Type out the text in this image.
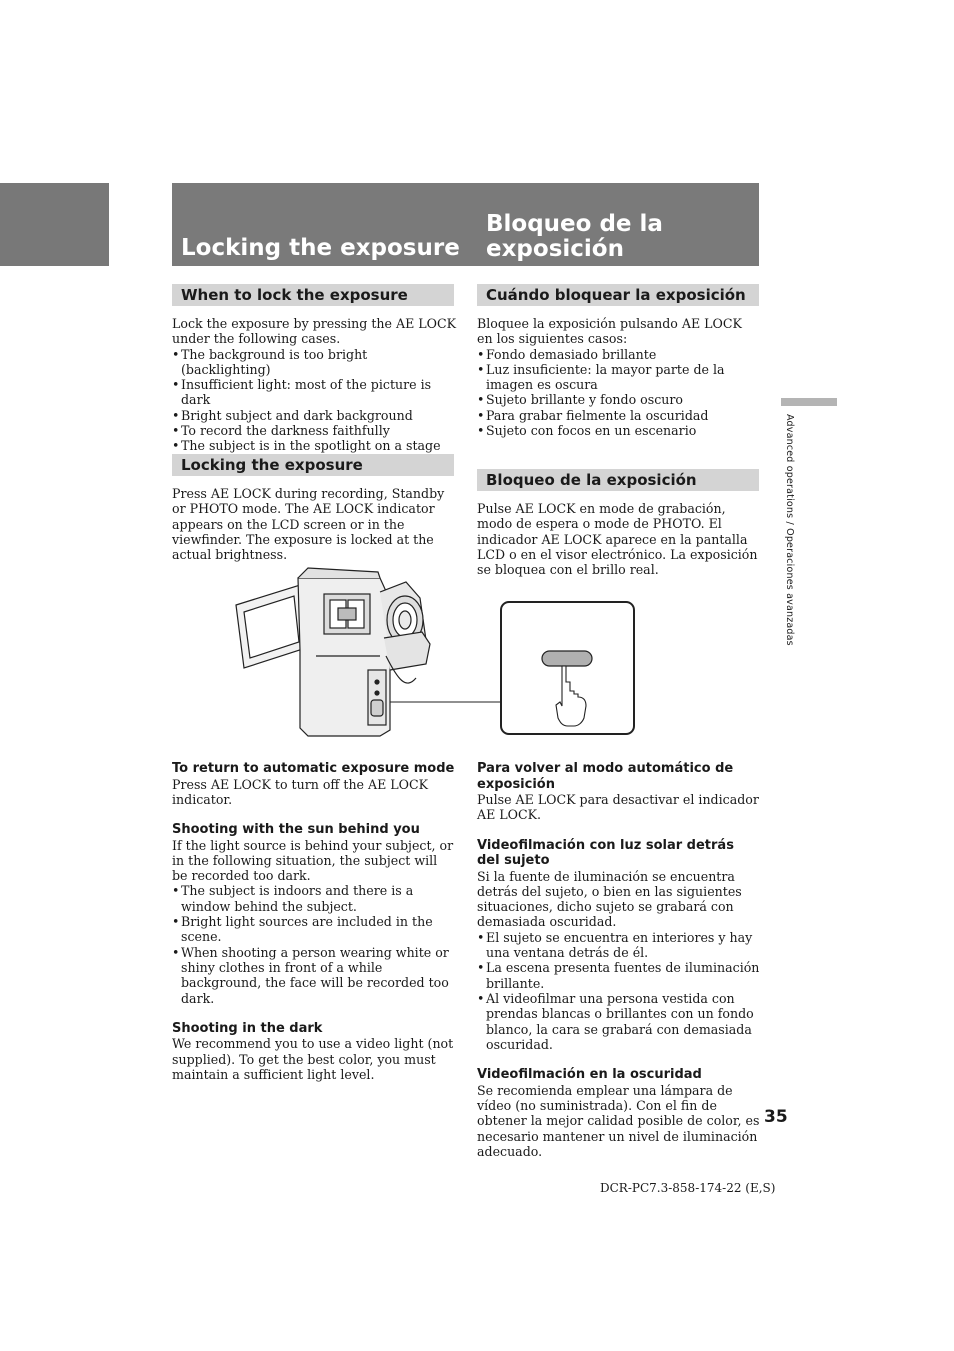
Locking the exposure
Bloqueo de la
exposición
When to lock the exposure

Lock the exposure by pressing the AE LOCK under the following cases.

• The background is too bright (backlighting)
• Insufficient light: most of the picture is dark
• Bright subject and dark background
• To record the darkness faithfully
• The subject is in the spotlight on a stage
Locking the exposure

Press AE LOCK during recording, Standby or PHOTO mode. The AE LOCK indicator appears on the LCD screen or in the viewfinder. The exposure is locked at the actual brightness.

To return to automatic exposure mode

Press AE LOCK to turn off the AE LOCK indicator.

Shooting with the sun behind you

If the light source is behind your subject, or in the following situation, the subject will be recorded too dark.

• The subject is indoors and there is a window behind the subject.
• Bright light sources are included in the scene.
• When shooting a person wearing white or shiny clothes in front of a while background, the face will be recorded too dark.

Shooting in the dark

We recommend you to use a video light (not supplied). To get the best color, you must maintain a sufficient light level.

Cuándo bloquear la exposición

Bloquee la exposición pulsando AE LOCK en los siguientes casos:

• Fondo demasiado brillante
• Luz insuficiente: la mayor parte de la imagen es oscura
• Sujeto brillante y fondo oscuro
• Para grabar fielmente la oscuridad
• Sujeto con focos en un escenario
Bloqueo de la exposición

Pulse AE LOCK en mode de grabación, modo de espera o mode de PHOTO. El indicador AE LOCK aparece en la pantalla LCD o en el visor electrónico. La exposición se bloquea con el brillo real.

Para volver al modo automático de exposición

Pulse AE LOCK para desactivar el indicador AE LOCK.

Videofilmación con luz solar detrás del sujeto

Si la fuente de iluminación se encuentra detrás del sujeto, o bien en las siguientes situaciones, dicho sujeto se grabará con demasiada oscuridad.

• El sujeto se encuentra en interiores y hay una ventana detrás de él.
• La escena presenta fuentes de iluminación brillante.
• Al videofilmar una persona vestida con prendas blancas o brillantes con un fondo blanco, la cara se grabará con demasiada oscuridad.

Videofilmación en la oscuridad

Se recomienda emplear una lámpara de vídeo (no suministrada). Con el fin de obtener la mejor calidad posible de color, es necesario mantener un nivel de iluminación adecuado.

Advanced operations / Operaciones avanzadas
35
DCR-PC7.3-858-174-22 (E,S)
